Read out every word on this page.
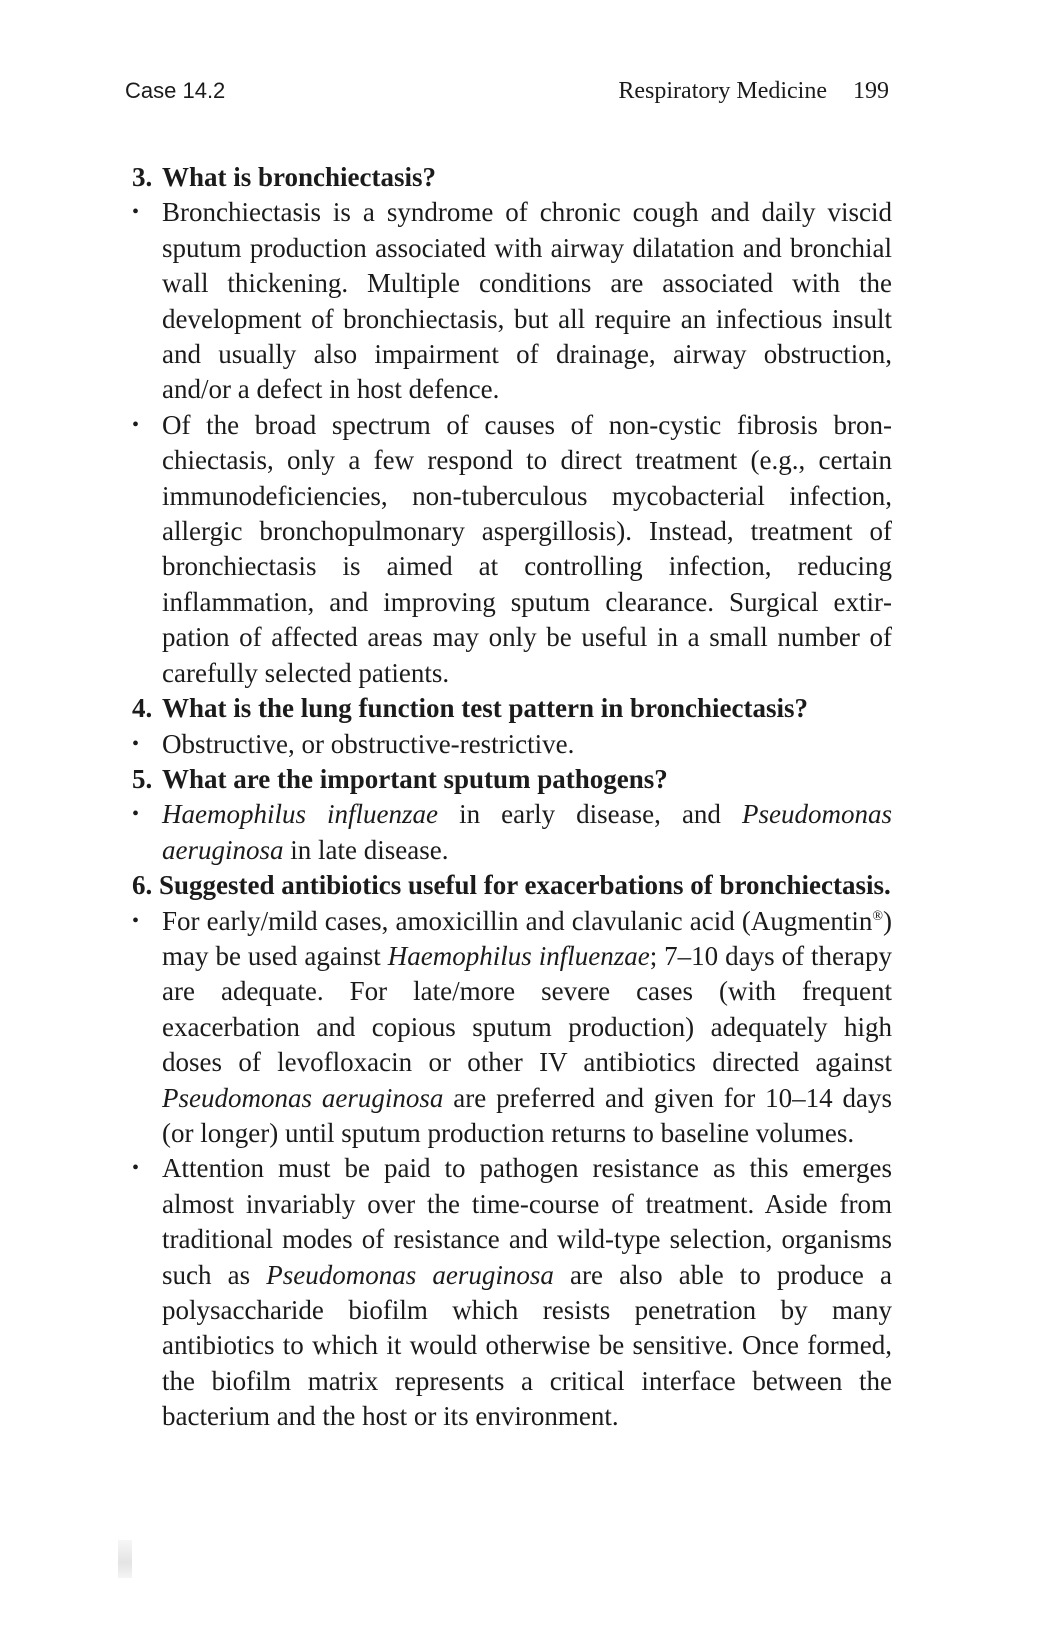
Case 14.2	Respiratory Medicine 199

3. What is bronchiectasis?

• Bronchiectasis is a syndrome of chronic cough and daily viscid sputum production associated with airway dilatation and bronchial wall thickening. Multiple conditions are associated with the development of bronchiectasis, but all require an infectious insult and usually also impairment of drainage, airway obstruction, and/or a defect in host defence.

• Of the broad spectrum of causes of non-cystic fibrosis bronchiectasis, only a few respond to direct treatment (e.g., certain immunodeficiencies, non-tuberculous mycobacterial infection, allergic bronchopulmonary aspergillosis). Instead, treatment of bronchiectasis is aimed at controlling infection, reducing inflammation, and improving sputum clearance. Surgical extirpation of affected areas may only be useful in a small number of carefully selected patients.

4. What is the lung function test pattern in bronchiectasis?

• Obstructive, or obstructive-restrictive.

5. What are the important sputum pathogens?

• Haemophilus influenzae in early disease, and Pseudomonas aeruginosa in late disease.

6. Suggested antibiotics useful for exacerbations of bronchiectasis.

• For early/mild cases, amoxicillin and clavulanic acid (Augmentin®) may be used against Haemophilus influenzae; 7–10 days of therapy are adequate. For late/more severe cases (with frequent exacerbation and copious sputum production) adequately high doses of levofloxacin or other IV antibiotics directed against Pseudomonas aeruginosa are preferred and given for 10–14 days (or longer) until sputum production returns to baseline volumes.

• Attention must be paid to pathogen resistance as this emerges almost invariably over the time-course of treatment. Aside from traditional modes of resistance and wild-type selection, organisms such as Pseudomonas aeruginosa are also able to produce a polysaccharide biofilm which resists penetration by many antibiotics to which it would otherwise be sensitive. Once formed, the biofilm matrix represents a critical interface between the bacterium and the host or its environment.
